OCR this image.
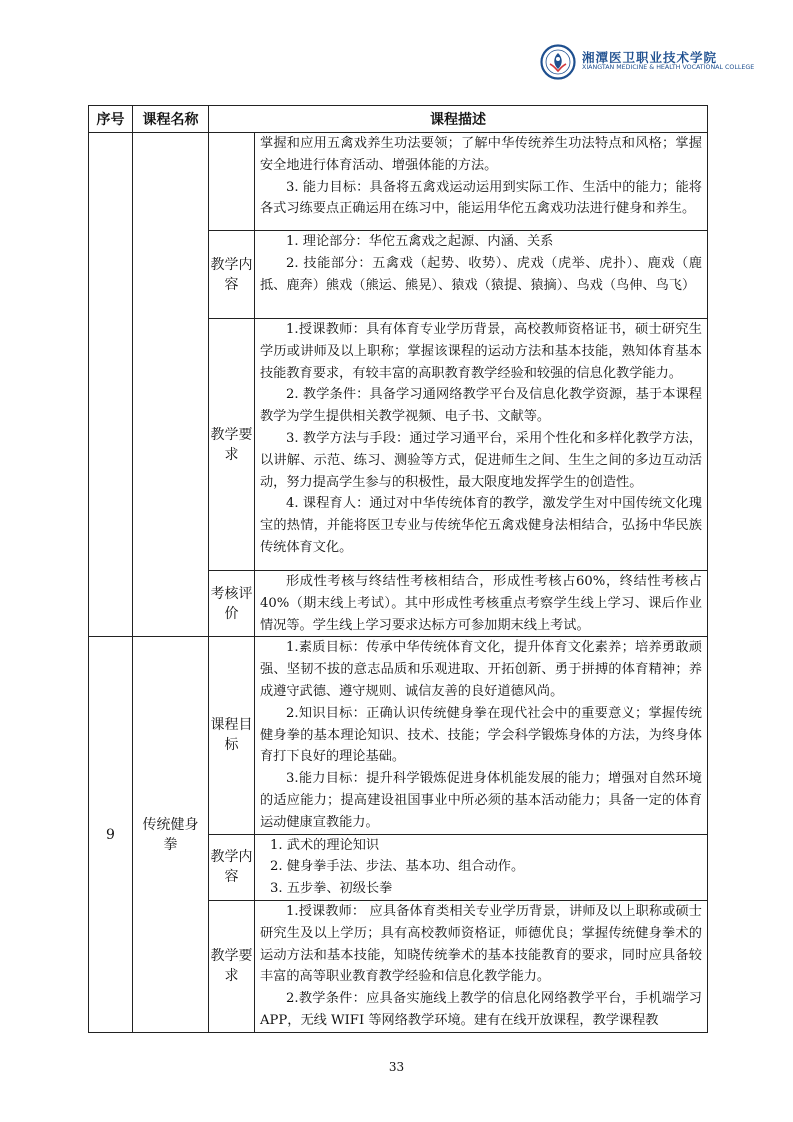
湘潭医卫职业技术学院
XIANGTAN MEDICINE & HEALTH VOCATIONAL COLLEGE
序号	课程名称	课程描述	

			掌握和应用五禽戏养生功法要领；了解中华传统养生功法特点和风格；掌握安全地进行体育活动、增强体能的方法。

3. 能力目标：具备将五禽戏运动运用到实际工作、生活中的能力；能将各式习练要点正确运用在练习中，能运用华佗五禽戏功法进行健身和养生。

		教学内容	1. 理论部分：华佗五禽戏之起源、内涵、关系

2. 技能部分：五禽戏（起势、收势）、虎戏（虎举、虎扑）、鹿戏（鹿抵、鹿奔）熊戏（熊运、熊晃）、猿戏（猿提、猿摘）、鸟戏（鸟伸、鸟飞）

		教学要求	1.授课教师：具有体育专业学历背景，高校教师资格证书，硕士研究生学历或讲师及以上职称；掌握该课程的运动方法和基本技能，熟知体育基本技能教育要求，有较丰富的高职教育教学经验和较强的信息化教学能力。

2. 教学条件：具备学习通网络教学平台及信息化教学资源，基于本课程教学为学生提供相关教学视频、电子书、文献等。

3. 教学方法与手段：通过学习通平台，采用个性化和多样化教学方法，以讲解、示范、练习、测验等方式，促进师生之间、生生之间的多边互动活动，努力提高学生参与的积极性，最大限度地发挥学生的创造性。

4. 课程育人：通过对中华传统体育的教学，激发学生对中国传统文化瑰宝的热情，并能将医卫专业与传统华佗五禽戏健身法相结合，弘扬中华民族传统体育文化。

		考核评价	形成性考核与终结性考核相结合，形成性考核占60%，终结性考核占40%（期末线上考试）。其中形成性考核重点考察学生线上学习、课后作业情况等。学生线上学习要求达标方可参加期末线上考试。

9	传统健身拳	课程目标	1.素质目标：传承中华传统体育文化，提升体育文化素养；培养勇敢顽强、坚韧不拔的意志品质和乐观进取、开拓创新、勇于拼搏的体育精神；养成遵守武德、遵守规则、诚信友善的良好道德风尚。

2.知识目标：正确认识传统健身拳在现代社会中的重要意义；掌握传统健身拳的基本理论知识、技术、技能；学会科学锻炼身体的方法，为终身体育打下良好的理论基础。

3.能力目标：提升科学锻炼促进身体机能发展的能力；增强对自然环境的适应能力；提高建设祖国事业中所必须的基本活动能力；具备一定的体育运动健康宣教能力。

		教学内容	1. 武术的理论知识

2. 健身拳手法、步法、基本功、组合动作。

3. 五步拳、初级长拳

		教学要求	1.授课教师： 应具备体育类相关专业学历背景，讲师及以上职称或硕士研究生及以上学历；具有高校教师资格证，师德优良；掌握传统健身拳术的运动方法和基本技能，知晓传统拳术的基本技能教育的要求，同时应具备较丰富的高等职业教育教学经验和信息化教学能力。

2.教学条件：应具备实施线上教学的信息化网络教学平台，手机端学习 APP，无线 WIFI 等网络教学环境。建有在线开放课程，教学课程教

33
